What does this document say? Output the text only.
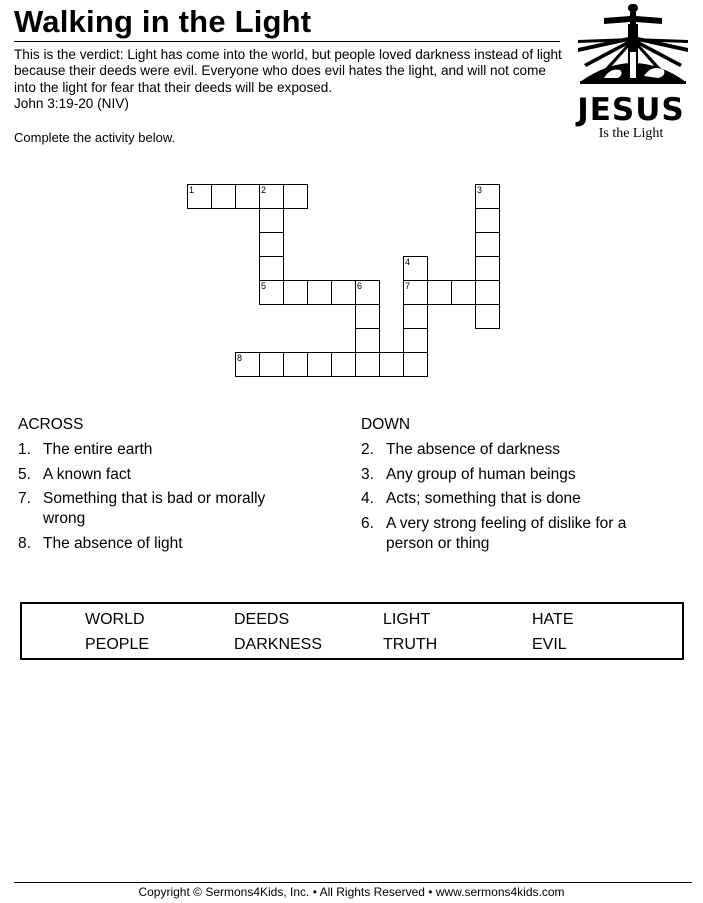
Walking in the Light
This is the verdict: Light has come into the world, but people loved darkness instead of light because their deeds were evil. Everyone who does evil hates the light, and will not come into the light for fear that their deeds will be exposed.
John 3:19-20 (NIV)
Complete the activity below.
JESUS
Is the Light
1	2
5
3
4
7
6
8
ACROSS	DOWN
1. The entire earth
5. A known fact
7. Something that is bad or morally wrong
8. The absence of light
2. The absence of darkness
3. Any group of human beings
4. Acts; something that is done
6. A very strong feeling of dislike for a person or thing
WORLD	DEEDS	LIGHT	HATE
PEOPLE	DARKNESS	TRUTH	EVIL
Copyright © Sermons4Kids, Inc. • All Rights Reserved • www.sermons4kids.com
